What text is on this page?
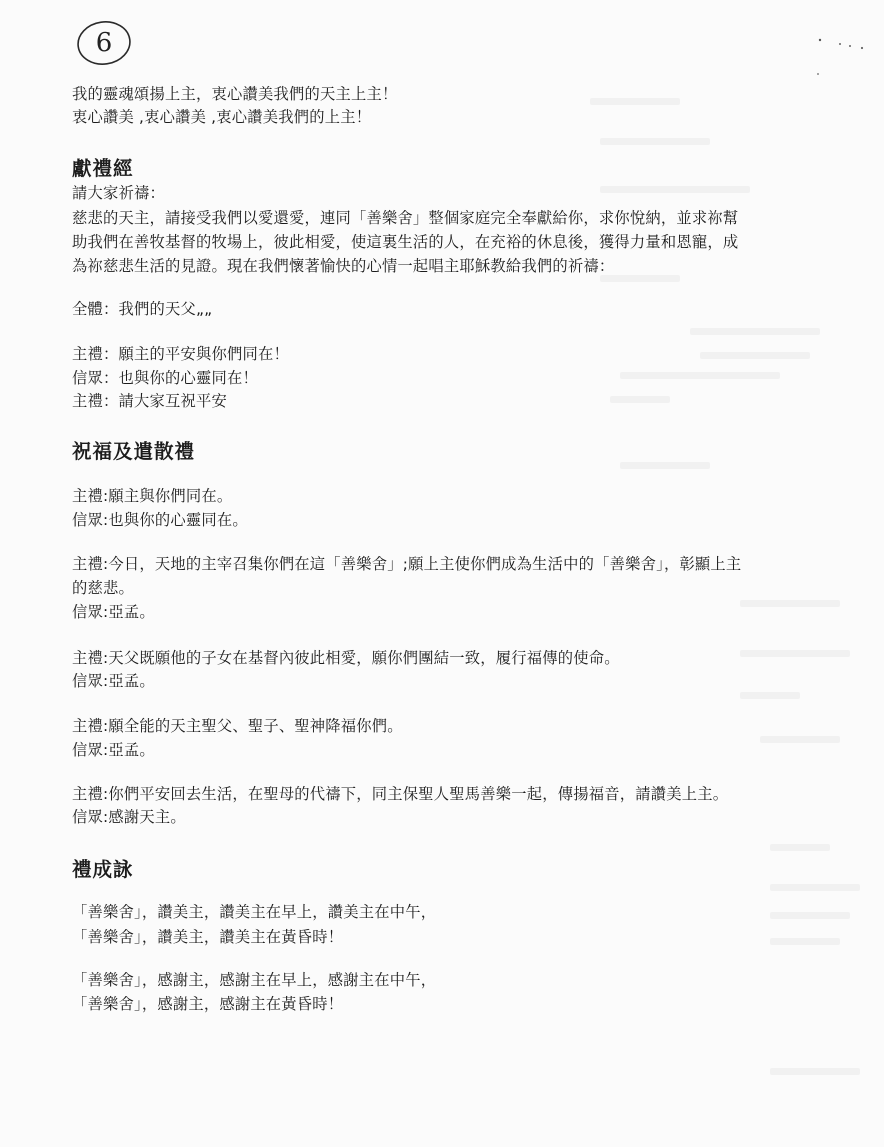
6

我的靈魂頌揚上主，衷心讚美我們的天主上主！

衷心讚美 ,衷心讚美 ,衷心讚美我們的上主！

獻禮經

請大家祈禱：

慈悲的天主，請接受我們以愛還愛，連同「善樂舍」整個家庭完全奉獻給你，求你悅納，並求祢幫

助我們在善牧基督的牧場上，彼此相愛，使這裏生活的人，在充裕的休息後，獲得力量和恩寵，成

為祢慈悲生活的見證。現在我們懷著愉快的心情一起唱主耶穌教給我們的祈禱：

全體：我們的天父„„

主禮：願主的平安與你們同在！

信眾：也與你的心靈同在！

主禮：請大家互祝平安

祝福及遣散禮

主禮:願主與你們同在。

信眾:也與你的心靈同在。

主禮:今日，天地的主宰召集你們在這「善樂舍」;願上主使你們成為生活中的「善樂舍」，彰顯上主

的慈悲。

信眾:亞孟。

主禮:天父既願他的子女在基督內彼此相愛，願你們團結一致，履行福傳的使命。

信眾:亞孟。

主禮:願全能的天主聖父、聖子、聖神降福你們。

信眾:亞孟。

主禮:你們平安回去生活，在聖母的代禱下，同主保聖人聖馬善樂一起，傳揚福音，請讚美上主。

信眾:感謝天主。

禮成詠

「善樂舍」，讚美主，讚美主在早上，讚美主在中午，

「善樂舍」，讚美主，讚美主在黃昏時！

「善樂舍」，感謝主，感謝主在早上，感謝主在中午，

「善樂舍」，感謝主，感謝主在黃昏時！
